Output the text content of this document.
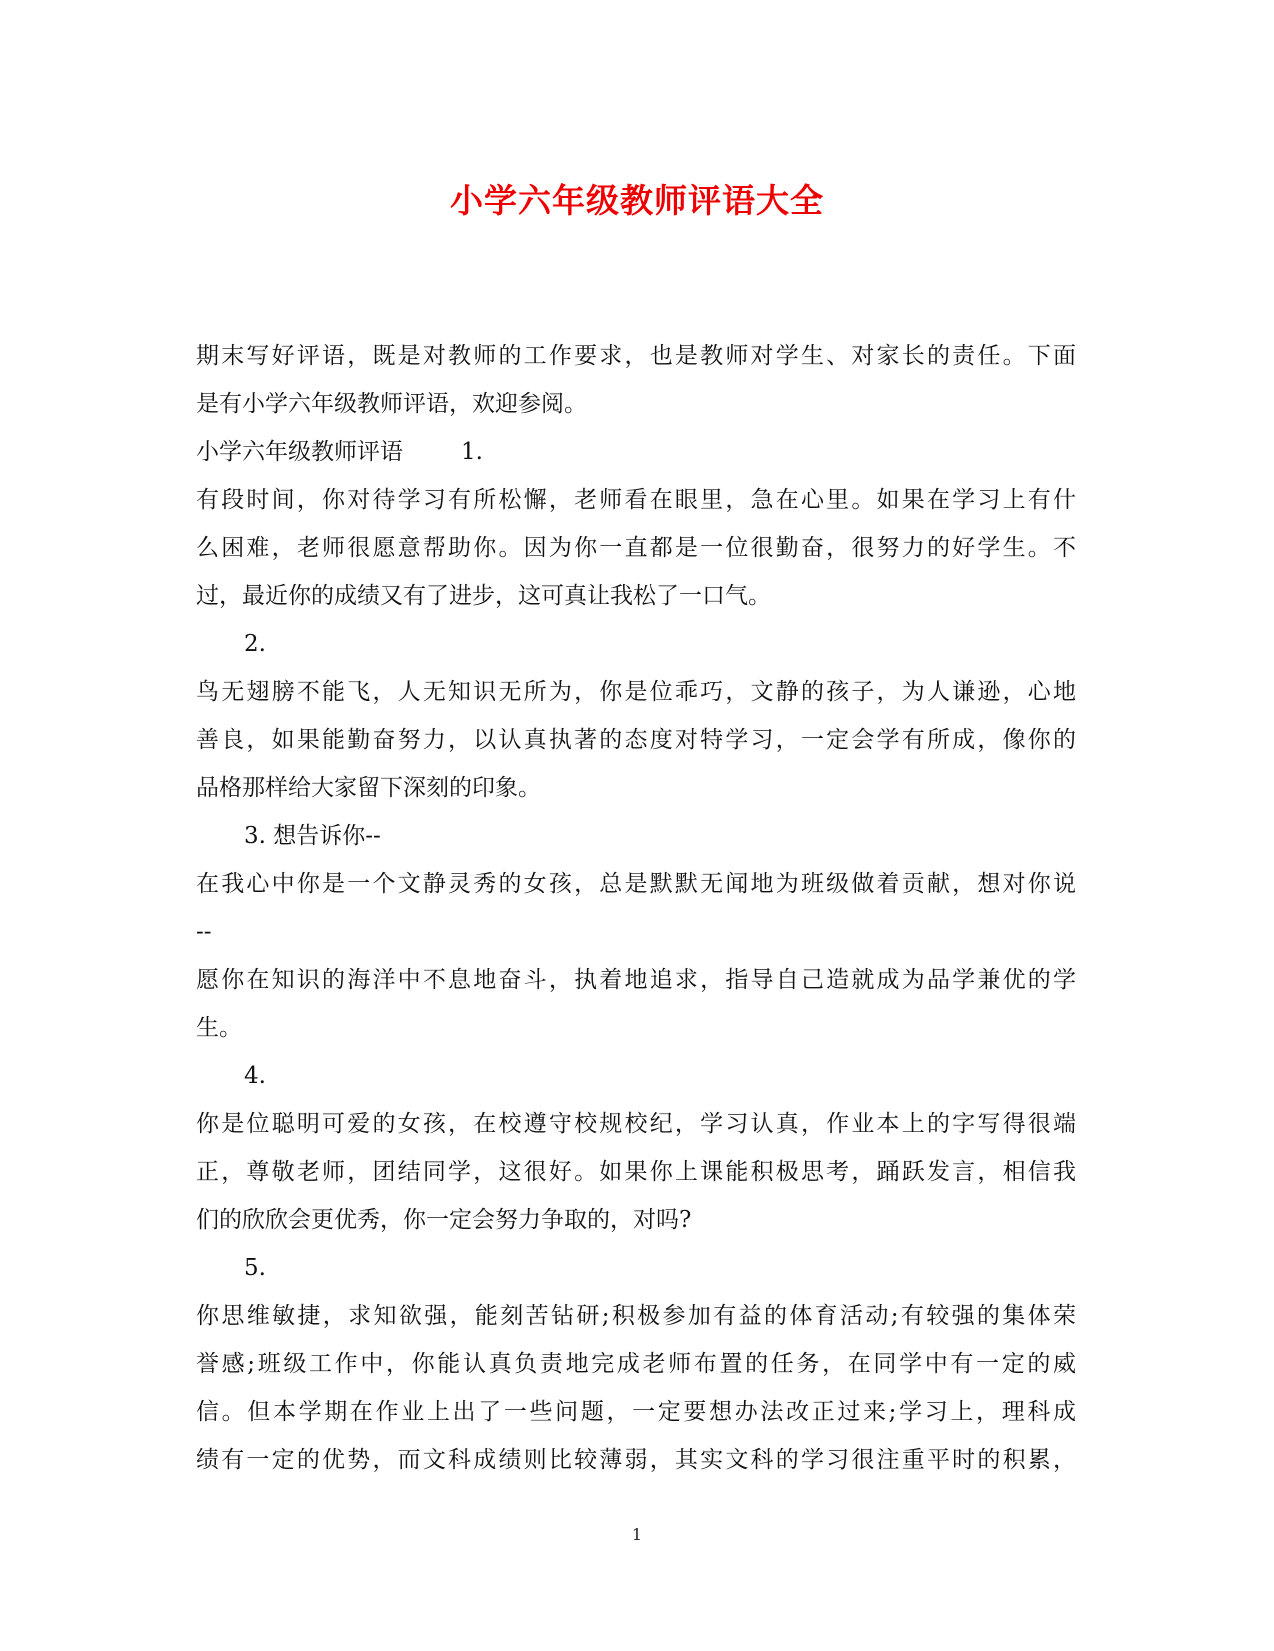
小学六年级教师评语大全
期末写好评语，既是对教师的工作要求，也是教师对学生、对家长的责任。下面
是有小学六年级教师评语，欢迎参阅。
小学六年级教师评语	1.
有段时间，你对待学习有所松懈，老师看在眼里，急在心里。如果在学习上有什
么困难，老师很愿意帮助你。因为你一直都是一位很勤奋，很努力的好学生。不
过，最近你的成绩又有了进步，这可真让我松了一口气。
2.
鸟无翅膀不能飞，人无知识无所为，你是位乖巧，文静的孩子，为人谦逊，心地
善良，如果能勤奋努力，以认真执著的态度对特学习，一定会学有所成，像你的
品格那样给大家留下深刻的印象。
3. 想告诉你--
在我心中你是一个文静灵秀的女孩，总是默默无闻地为班级做着贡献，想对你说
--
愿你在知识的海洋中不息地奋斗，执着地追求，指导自己造就成为品学兼优的学
生。
4.
你是位聪明可爱的女孩，在校遵守校规校纪，学习认真，作业本上的字写得很端
正，尊敬老师，团结同学，这很好。如果你上课能积极思考，踊跃发言，相信我
们的欣欣会更优秀，你一定会努力争取的，对吗?
5.
你思维敏捷，求知欲强，能刻苦钻研;积极参加有益的体育活动;有较强的集体荣
誉感;班级工作中，你能认真负责地完成老师布置的任务，在同学中有一定的威
信。但本学期在作业上出了一些问题，一定要想办法改正过来;学习上，理科成
绩有一定的优势，而文科成绩则比较薄弱，其实文科的学习很注重平时的积累，
1
